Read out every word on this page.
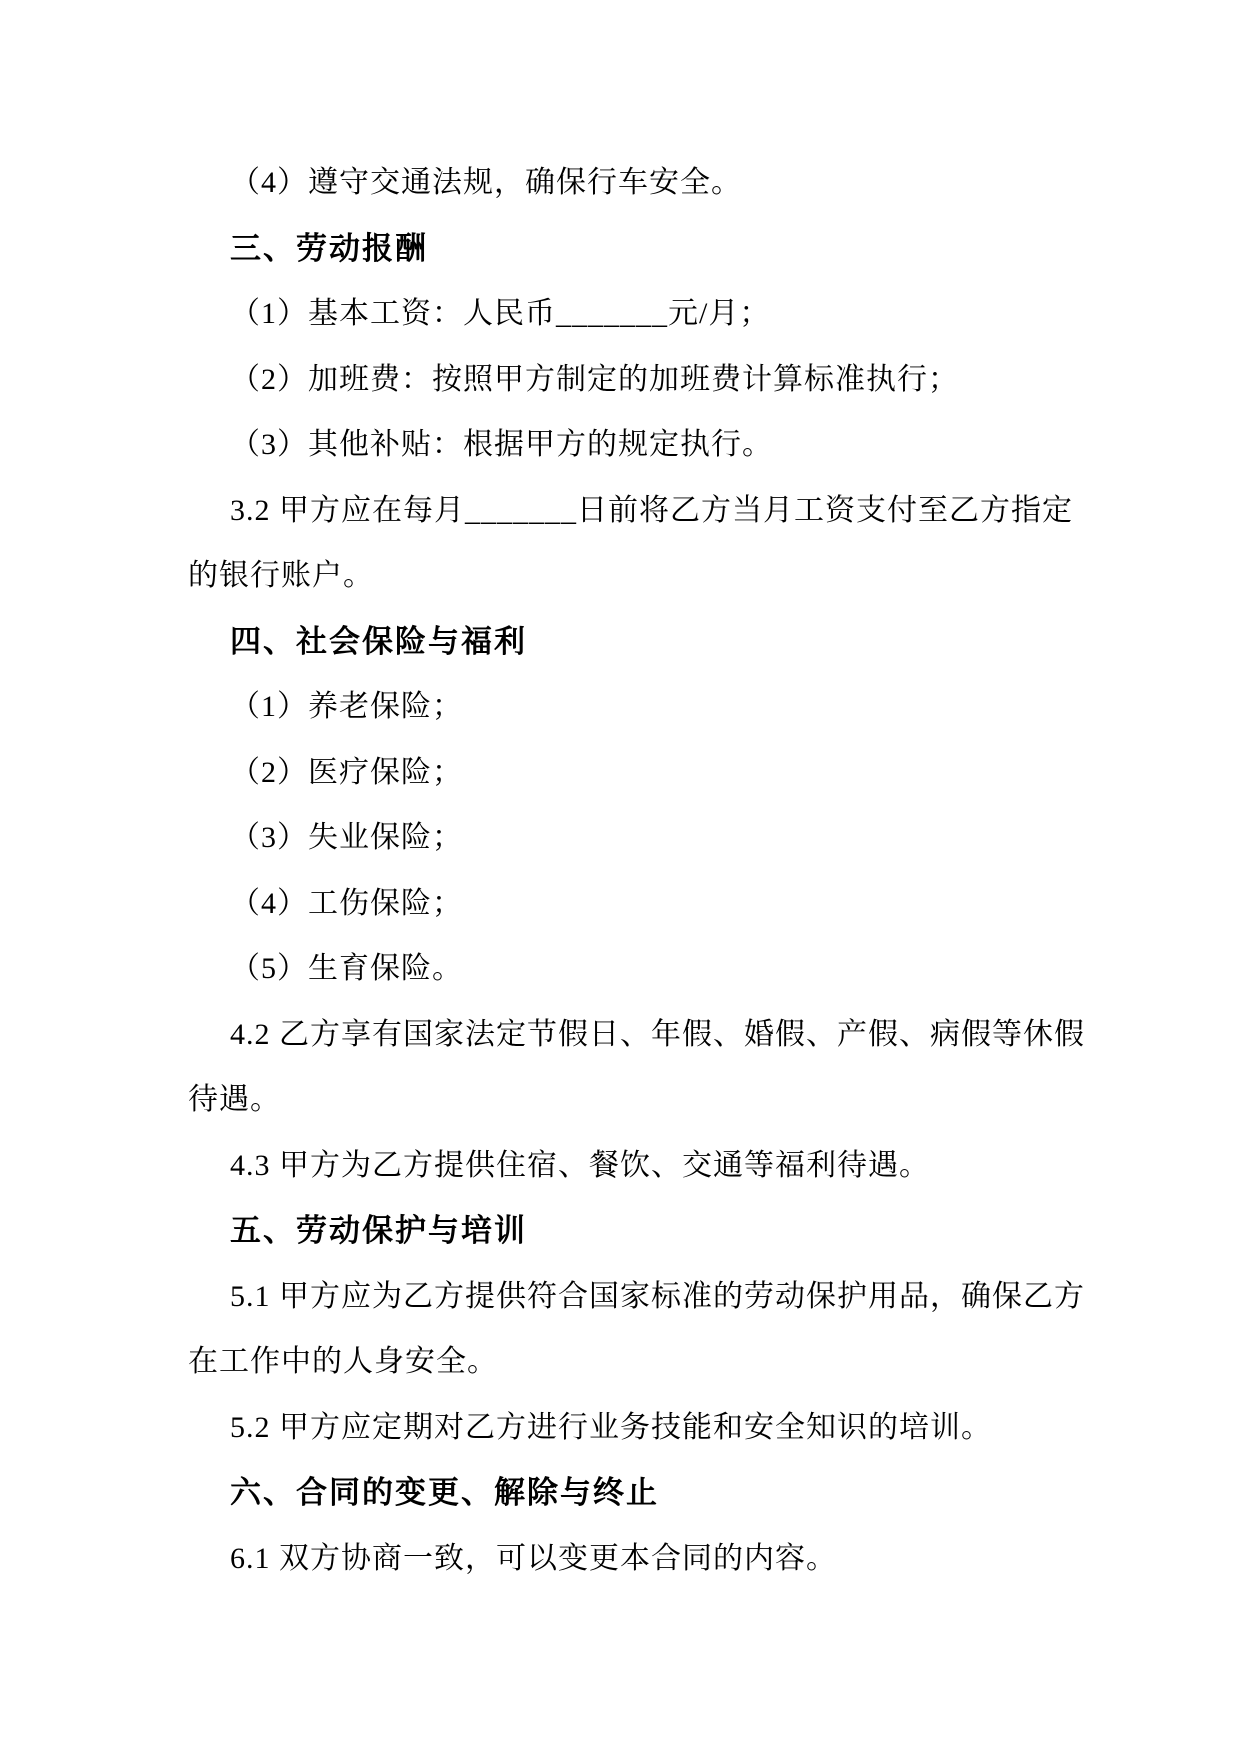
（4）遵守交通法规，确保行车安全。
三、劳动报酬
（1）基本工资：人民币_______元/月；
（2）加班费：按照甲方制定的加班费计算标准执行；
（3）其他补贴：根据甲方的规定执行。
3.2 甲方应在每月_______日前将乙方当月工资支付至乙方指定
的银行账户。
四、社会保险与福利
（1）养老保险；
（2）医疗保险；
（3）失业保险；
（4）工伤保险；
（5）生育保险。
4.2 乙方享有国家法定节假日、年假、婚假、产假、病假等休假
待遇。
4.3 甲方为乙方提供住宿、餐饮、交通等福利待遇。
五、劳动保护与培训
5.1 甲方应为乙方提供符合国家标准的劳动保护用品，确保乙方
在工作中的人身安全。
5.2 甲方应定期对乙方进行业务技能和安全知识的培训。
六、合同的变更、解除与终止
6.1 双方协商一致，可以变更本合同的内容。
